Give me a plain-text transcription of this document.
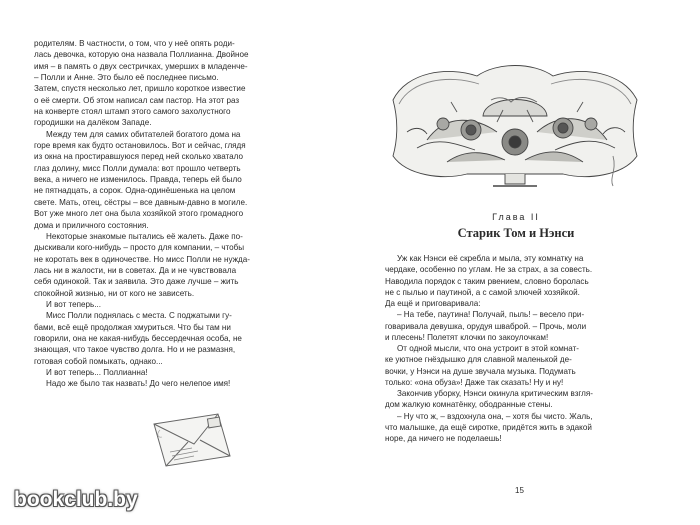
родителям. В частности, о том, что у неё опять роди-
лась девочка, которую она назвала Поллианна. Двойное
имя – в память о двух сестричках, умерших в младенче-
– Полли и Анне. Это было её последнее письмо.
Затем, спустя несколько лет, пришло короткое известие
о её смерти. Об этом написал сам пастор. На этот раз
на конверте стоял штамп этого самого захолустного
городишки на далёком Западе.
Между тем для самих обитателей богатого дома на
горе время как будто остановилось. Вот и сейчас, глядя
из окна на простиравшуюся перед ней сколько хватало
глаз долину, мисс Полли думала: вот прошло четверть
века, а ничего не изменилось. Правда, теперь ей было
не пятнадцать, а сорок. Одна-одинёшенька на целом
свете. Мать, отец, сёстры – все давным-давно в могиле.
Вот уже много лет она была хозяйкой этого громадного
дома и приличного состояния.
Некоторые знакомые пытались её жалеть. Даже по-
дыскивали кого-нибудь – просто для компании, – чтобы
не коротать век в одиночестве. Но мисс Полли не нуждa-
лась ни в жалости, ни в советах. Да и не чувствовала
себя одинокой. Так и заявила. Это даже лучше – жить
спокойной жизнью, ни от кого не зависеть.
И вот теперь...
Мисс Полли поднялась с места. С поджатыми гу-
бами, всё ещё продолжая хмуриться. Что бы там ни
говорили, она не какая-нибудь бессердечная особа, не
знающая, что такое чувство долга. Но и не размазня,
готовая собой помыкать, однако...
И вот теперь... Поллианна!
Надо же было так назвать! До чего нелепое имя!
Глава II
Старик Том и Нэнси
Уж как Нэнси её скребла и мыла, эту комнатку на
чердаке, особенно по углам. Не за страх, а за совесть.
Наводила порядок с таким рвением, словно боролась
не с пылью и паутиной, а с самой злючей хозяйкой.
Да ещё и приговаривала:
– На тебе, паутина! Получай, пыль! – весело при-
говаривала девушка, орудуя шваброй. – Прочь, моли
и плесень! Полетят клочки по закоулочкам!
От одной мысли, что она устроит в этой комнат-
ке уютное гнёздышко для славной маленькой де-
вочки, у Нэнси на душе звучала музыка. Подумать
только: «она обуза»! Даже так сказать! Ну и ну!
Закончив уборку, Нэнси окинула критическим взгля-
дом жалкую комнатёнку, ободранные стены.
– Ну что ж, – вздохнула она, – хотя бы чисто. Жаль,
что малышке, да ещё сиротке, придётся жить в эдакой
норе, да ничего не поделаешь!
15
bookclub.by
